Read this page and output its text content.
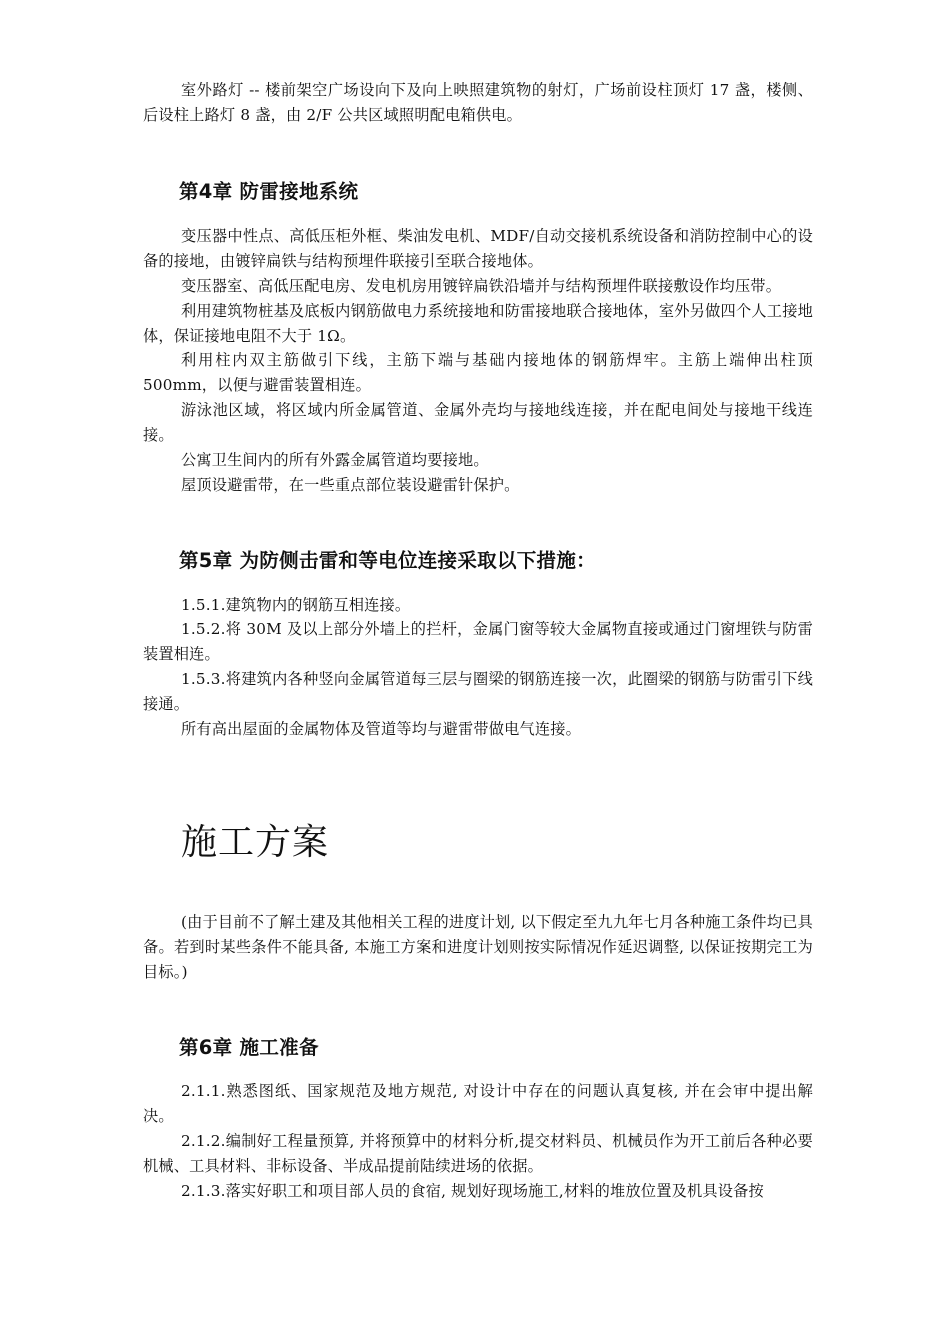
室外路灯 -- 楼前架空广场设向下及向上映照建筑物的射灯，广场前设柱顶灯 17 盏，楼侧、后设柱上路灯 8 盏，由 2/F 公共区域照明配电箱供电。

第4章 防雷接地系统

变压器中性点、高低压柜外框、柴油发电机、MDF/自动交接机系统设备和消防控制中心的设备的接地，由镀锌扁铁与结构预埋件联接引至联合接地体。

变压器室、高低压配电房、发电机房用镀锌扁铁沿墙并与结构预埋件联接敷设作均压带。

利用建筑物桩基及底板内钢筋做电力系统接地和防雷接地联合接地体，室外另做四个人工接地体，保证接地电阻不大于 1Ω。

利用柱内双主筋做引下线，主筋下端与基础内接地体的钢筋焊牢。主筋上端伸出柱顶 500mm，以便与避雷装置相连。

游泳池区域，将区域内所金属管道、金属外壳均与接地线连接，并在配电间处与接地干线连接。

公寓卫生间内的所有外露金属管道均要接地。

屋顶设避雷带，在一些重点部位装设避雷针保护。

第5章 为防侧击雷和等电位连接采取以下措施：

1.5.1.建筑物内的钢筋互相连接。

1.5.2.将 30M 及以上部分外墙上的拦杆，金属门窗等较大金属物直接或通过门窗埋铁与防雷装置相连。

1.5.3.将建筑内各种竖向金属管道每三层与圈梁的钢筋连接一次，此圈梁的钢筋与防雷引下线接通。

所有高出屋面的金属物体及管道等均与避雷带做电气连接。

施工方案

(由于目前不了解土建及其他相关工程的进度计划, 以下假定至九九年七月各种施工条件均已具备。若到时某些条件不能具备, 本施工方案和进度计划则按实际情况作延迟调整, 以保证按期完工为目标。)

第6章 施工准备

2.1.1.熟悉图纸、国家规范及地方规范, 对设计中存在的问题认真复核, 并在会审中提出解决。

2.1.2.编制好工程量预算, 并将预算中的材料分析,提交材料员、机械员作为开工前后各种必要机械、工具材料、非标设备、半成品提前陆续进场的依据。

2.1.3.落实好职工和项目部人员的食宿, 规划好现场施工,材料的堆放位置及机具设备按
